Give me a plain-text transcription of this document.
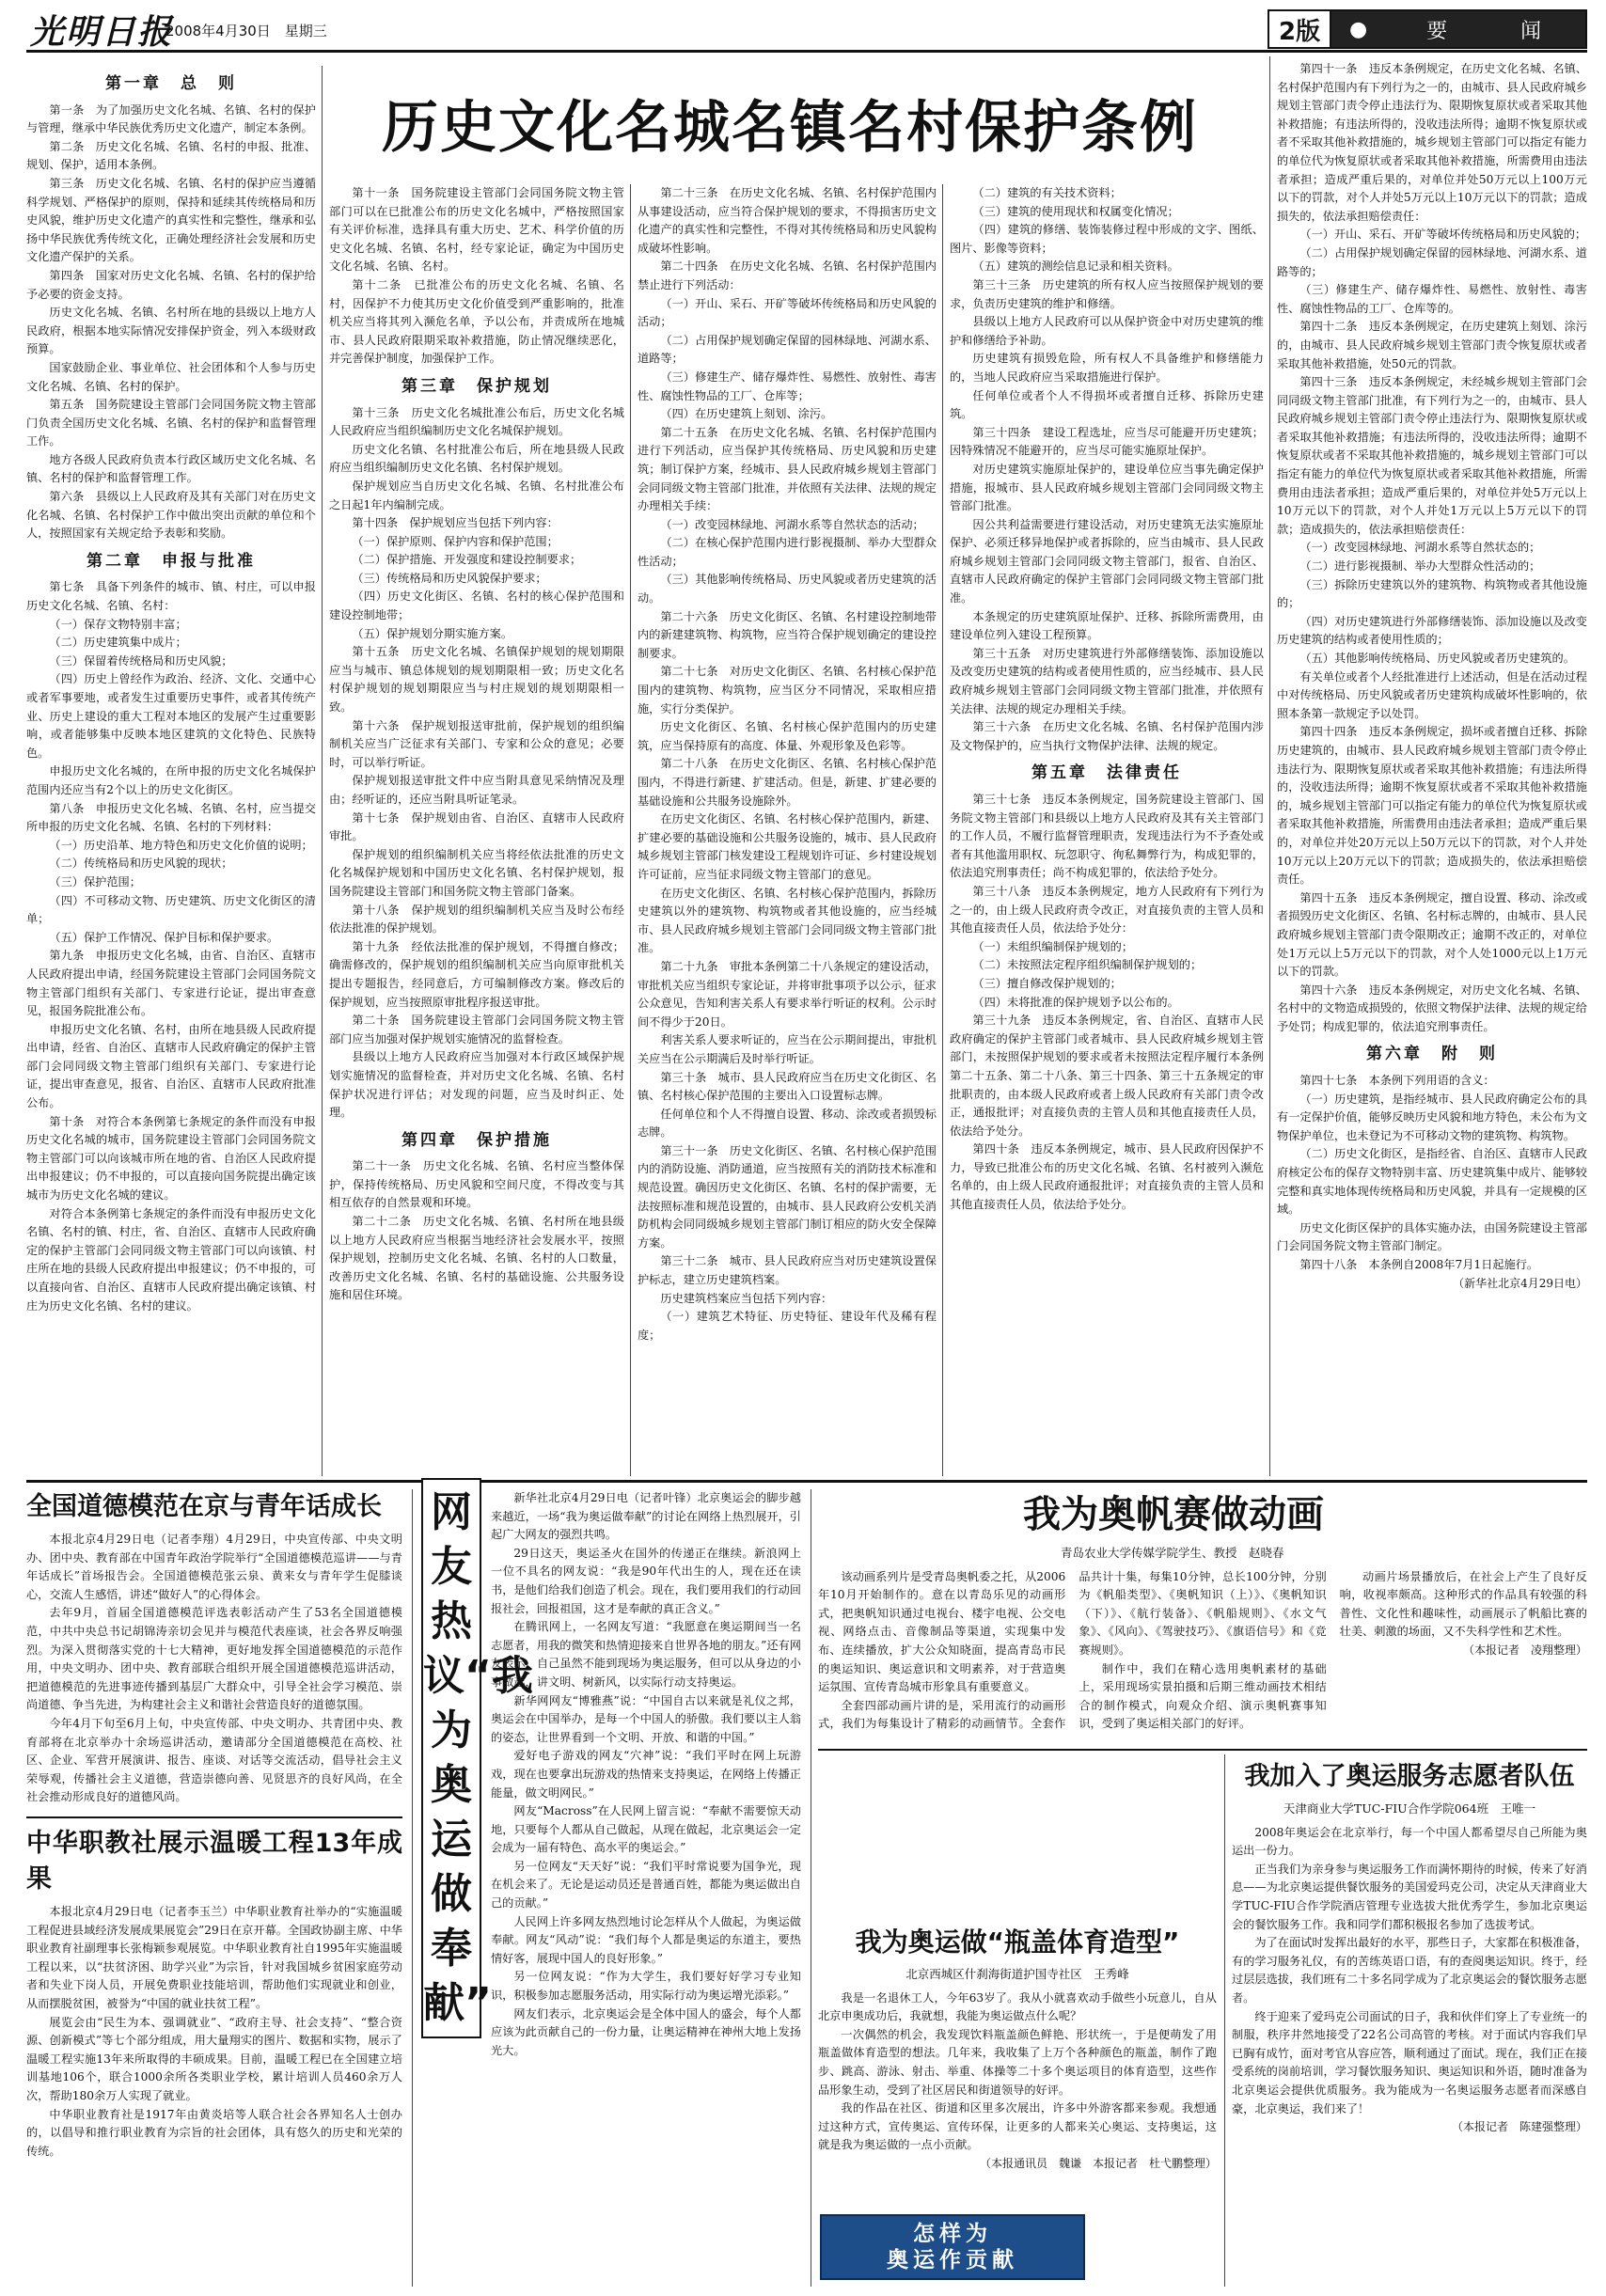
光明日报
2008年4月30日　星期三	2版	●
要　闻
历史文化名城名镇名村保护条例
第一章　总　则

第一条　为了加强历史文化名城、名镇、名村的保护与管理，继承中华民族优秀历史文化遗产，制定本条例。

第二条　历史文化名城、名镇、名村的申报、批准、规划、保护，适用本条例。

第三条　历史文化名城、名镇、名村的保护应当遵循科学规划、严格保护的原则，保持和延续其传统格局和历史风貌，维护历史文化遗产的真实性和完整性，继承和弘扬中华民族优秀传统文化，正确处理经济社会发展和历史文化遗产保护的关系。

第四条　国家对历史文化名城、名镇、名村的保护给予必要的资金支持。

历史文化名城、名镇、名村所在地的县级以上地方人民政府，根据本地实际情况安排保护资金，列入本级财政预算。

国家鼓励企业、事业单位、社会团体和个人参与历史文化名城、名镇、名村的保护。

第五条　国务院建设主管部门会同国务院文物主管部门负责全国历史文化名城、名镇、名村的保护和监督管理工作。

地方各级人民政府负责本行政区域历史文化名城、名镇、名村的保护和监督管理工作。

第六条　县级以上人民政府及其有关部门对在历史文化名城、名镇、名村保护工作中做出突出贡献的单位和个人，按照国家有关规定给予表彰和奖励。

第二章　申报与批准

第七条　具备下列条件的城市、镇、村庄，可以申报历史文化名城、名镇、名村：

（一）保存文物特别丰富；

（二）历史建筑集中成片；

（三）保留着传统格局和历史风貌；

（四）历史上曾经作为政治、经济、文化、交通中心或者军事要地，或者发生过重要历史事件，或者其传统产业、历史上建设的重大工程对本地区的发展产生过重要影响，或者能够集中反映本地区建筑的文化特色、民族特色。

申报历史文化名城的，在所申报的历史文化名城保护范围内还应当有2个以上的历史文化街区。

第八条　申报历史文化名城、名镇、名村，应当提交所申报的历史文化名城、名镇、名村的下列材料：

（一）历史沿革、地方特色和历史文化价值的说明；

（二）传统格局和历史风貌的现状；

（三）保护范围；

（四）不可移动文物、历史建筑、历史文化街区的清单；

（五）保护工作情况、保护目标和保护要求。

第九条　申报历史文化名城，由省、自治区、直辖市人民政府提出申请，经国务院建设主管部门会同国务院文物主管部门组织有关部门、专家进行论证，提出审查意见，报国务院批准公布。

申报历史文化名镇、名村，由所在地县级人民政府提出申请，经省、自治区、直辖市人民政府确定的保护主管部门会同同级文物主管部门组织有关部门、专家进行论证，提出审查意见，报省、自治区、直辖市人民政府批准公布。

第十条　对符合本条例第七条规定的条件而没有申报历史文化名城的城市，国务院建设主管部门会同国务院文物主管部门可以向该城市所在地的省、自治区人民政府提出申报建议；仍不申报的，可以直接向国务院提出确定该城市为历史文化名城的建议。

对符合本条例第七条规定的条件而没有申报历史文化名镇、名村的镇、村庄，省、自治区、直辖市人民政府确定的保护主管部门会同同级文物主管部门可以向该镇、村庄所在地的县级人民政府提出申报建议；仍不申报的，可以直接向省、自治区、直辖市人民政府提出确定该镇、村庄为历史文化名镇、名村的建议。

第十一条　国务院建设主管部门会同国务院文物主管部门可以在已批准公布的历史文化名城中，严格按照国家有关评价标准，选择具有重大历史、艺术、科学价值的历史文化名城、名镇、名村，经专家论证，确定为中国历史文化名城、名镇、名村。

第十二条　已批准公布的历史文化名城、名镇、名村，因保护不力使其历史文化价值受到严重影响的，批准机关应当将其列入濒危名单，予以公布，并责成所在地城市、县人民政府限期采取补救措施，防止情况继续恶化，并完善保护制度，加强保护工作。

第三章　保护规划

第十三条　历史文化名城批准公布后，历史文化名城人民政府应当组织编制历史文化名城保护规划。

历史文化名镇、名村批准公布后，所在地县级人民政府应当组织编制历史文化名镇、名村保护规划。

保护规划应当自历史文化名城、名镇、名村批准公布之日起1年内编制完成。

第十四条　保护规划应当包括下列内容：

（一）保护原则、保护内容和保护范围；

（二）保护措施、开发强度和建设控制要求；

（三）传统格局和历史风貌保护要求；

（四）历史文化街区、名镇、名村的核心保护范围和建设控制地带；

（五）保护规划分期实施方案。

第十五条　历史文化名城、名镇保护规划的规划期限应当与城市、镇总体规划的规划期限相一致；历史文化名村保护规划的规划期限应当与村庄规划的规划期限相一致。

第十六条　保护规划报送审批前，保护规划的组织编制机关应当广泛征求有关部门、专家和公众的意见；必要时，可以举行听证。

保护规划报送审批文件中应当附具意见采纳情况及理由；经听证的，还应当附具听证笔录。

第十七条　保护规划由省、自治区、直辖市人民政府审批。

保护规划的组织编制机关应当将经依法批准的历史文化名城保护规划和中国历史文化名镇、名村保护规划，报国务院建设主管部门和国务院文物主管部门备案。

第十八条　保护规划的组织编制机关应当及时公布经依法批准的保护规划。

第十九条　经依法批准的保护规划，不得擅自修改；确需修改的，保护规划的组织编制机关应当向原审批机关提出专题报告，经同意后，方可编制修改方案。修改后的保护规划，应当按照原审批程序报送审批。

第二十条　国务院建设主管部门会同国务院文物主管部门应当加强对保护规划实施情况的监督检查。

县级以上地方人民政府应当加强对本行政区域保护规划实施情况的监督检查，并对历史文化名城、名镇、名村保护状况进行评估；对发现的问题，应当及时纠正、处理。

第四章　保护措施

第二十一条　历史文化名城、名镇、名村应当整体保护，保持传统格局、历史风貌和空间尺度，不得改变与其相互依存的自然景观和环境。

第二十二条　历史文化名城、名镇、名村所在地县级以上地方人民政府应当根据当地经济社会发展水平，按照保护规划，控制历史文化名城、名镇、名村的人口数量，改善历史文化名城、名镇、名村的基础设施、公共服务设施和居住环境。

第二十三条　在历史文化名城、名镇、名村保护范围内从事建设活动，应当符合保护规划的要求，不得损害历史文化遗产的真实性和完整性，不得对其传统格局和历史风貌构成破坏性影响。

第二十四条　在历史文化名城、名镇、名村保护范围内禁止进行下列活动：

（一）开山、采石、开矿等破坏传统格局和历史风貌的活动；

（二）占用保护规划确定保留的园林绿地、河湖水系、道路等；

（三）修建生产、储存爆炸性、易燃性、放射性、毒害性、腐蚀性物品的工厂、仓库等；

（四）在历史建筑上刻划、涂污。

第二十五条　在历史文化名城、名镇、名村保护范围内进行下列活动，应当保护其传统格局、历史风貌和历史建筑；制订保护方案，经城市、县人民政府城乡规划主管部门会同同级文物主管部门批准，并依照有关法律、法规的规定办理相关手续：

（一）改变园林绿地、河湖水系等自然状态的活动；

（二）在核心保护范围内进行影视摄制、举办大型群众性活动；

（三）其他影响传统格局、历史风貌或者历史建筑的活动。

第二十六条　历史文化街区、名镇、名村建设控制地带内的新建建筑物、构筑物，应当符合保护规划确定的建设控制要求。

第二十七条　对历史文化街区、名镇、名村核心保护范围内的建筑物、构筑物，应当区分不同情况，采取相应措施，实行分类保护。

历史文化街区、名镇、名村核心保护范围内的历史建筑，应当保持原有的高度、体量、外观形象及色彩等。

第二十八条　在历史文化街区、名镇、名村核心保护范围内，不得进行新建、扩建活动。但是，新建、扩建必要的基础设施和公共服务设施除外。

在历史文化街区、名镇、名村核心保护范围内，新建、扩建必要的基础设施和公共服务设施的，城市、县人民政府城乡规划主管部门核发建设工程规划许可证、乡村建设规划许可证前，应当征求同级文物主管部门的意见。

在历史文化街区、名镇、名村核心保护范围内，拆除历史建筑以外的建筑物、构筑物或者其他设施的，应当经城市、县人民政府城乡规划主管部门会同同级文物主管部门批准。

第二十九条　审批本条例第二十八条规定的建设活动，审批机关应当组织专家论证，并将审批事项予以公示，征求公众意见，告知利害关系人有要求举行听证的权利。公示时间不得少于20日。

利害关系人要求听证的，应当在公示期间提出，审批机关应当在公示期满后及时举行听证。

第三十条　城市、县人民政府应当在历史文化街区、名镇、名村核心保护范围的主要出入口设置标志牌。

任何单位和个人不得擅自设置、移动、涂改或者损毁标志牌。

第三十一条　历史文化街区、名镇、名村核心保护范围内的消防设施、消防通道，应当按照有关的消防技术标准和规范设置。确因历史文化街区、名镇、名村的保护需要，无法按照标准和规范设置的，由城市、县人民政府公安机关消防机构会同同级城乡规划主管部门制订相应的防火安全保障方案。

第三十二条　城市、县人民政府应当对历史建筑设置保护标志，建立历史建筑档案。

历史建筑档案应当包括下列内容：

（一）建筑艺术特征、历史特征、建设年代及稀有程度；

（二）建筑的有关技术资料；

（三）建筑的使用现状和权属变化情况；

（四）建筑的修缮、装饰装修过程中形成的文字、图纸、图片、影像等资料；

（五）建筑的测绘信息记录和相关资料。

第三十三条　历史建筑的所有权人应当按照保护规划的要求，负责历史建筑的维护和修缮。

县级以上地方人民政府可以从保护资金中对历史建筑的维护和修缮给予补助。

历史建筑有损毁危险，所有权人不具备维护和修缮能力的，当地人民政府应当采取措施进行保护。

任何单位或者个人不得损坏或者擅自迁移、拆除历史建筑。

第三十四条　建设工程选址，应当尽可能避开历史建筑；因特殊情况不能避开的，应当尽可能实施原址保护。

对历史建筑实施原址保护的，建设单位应当事先确定保护措施，报城市、县人民政府城乡规划主管部门会同同级文物主管部门批准。

因公共利益需要进行建设活动，对历史建筑无法实施原址保护、必须迁移异地保护或者拆除的，应当由城市、县人民政府城乡规划主管部门会同同级文物主管部门，报省、自治区、直辖市人民政府确定的保护主管部门会同同级文物主管部门批准。

本条规定的历史建筑原址保护、迁移、拆除所需费用，由建设单位列入建设工程预算。

第三十五条　对历史建筑进行外部修缮装饰、添加设施以及改变历史建筑的结构或者使用性质的，应当经城市、县人民政府城乡规划主管部门会同同级文物主管部门批准，并依照有关法律、法规的规定办理相关手续。

第三十六条　在历史文化名城、名镇、名村保护范围内涉及文物保护的，应当执行文物保护法律、法规的规定。

第五章　法律责任

第三十七条　违反本条例规定，国务院建设主管部门、国务院文物主管部门和县级以上地方人民政府及其有关主管部门的工作人员，不履行监督管理职责，发现违法行为不予查处或者有其他滥用职权、玩忽职守、徇私舞弊行为，构成犯罪的，依法追究刑事责任；尚不构成犯罪的，依法给予处分。

第三十八条　违反本条例规定，地方人民政府有下列行为之一的，由上级人民政府责令改正，对直接负责的主管人员和其他直接责任人员，依法给予处分：

（一）未组织编制保护规划的；

（二）未按照法定程序组织编制保护规划的；

（三）擅自修改保护规划的；

（四）未将批准的保护规划予以公布的。

第三十九条　违反本条例规定，省、自治区、直辖市人民政府确定的保护主管部门或者城市、县人民政府城乡规划主管部门，未按照保护规划的要求或者未按照法定程序履行本条例第二十五条、第二十八条、第三十四条、第三十五条规定的审批职责的，由本级人民政府或者上级人民政府有关部门责令改正，通报批评；对直接负责的主管人员和其他直接责任人员，依法给予处分。

第四十条　违反本条例规定，城市、县人民政府因保护不力，导致已批准公布的历史文化名城、名镇、名村被列入濒危名单的，由上级人民政府通报批评；对直接负责的主管人员和其他直接责任人员，依法给予处分。

第四十一条　违反本条例规定，在历史文化名城、名镇、名村保护范围内有下列行为之一的，由城市、县人民政府城乡规划主管部门责令停止违法行为、限期恢复原状或者采取其他补救措施；有违法所得的，没收违法所得；逾期不恢复原状或者不采取其他补救措施的，城乡规划主管部门可以指定有能力的单位代为恢复原状或者采取其他补救措施，所需费用由违法者承担；造成严重后果的，对单位并处50万元以上100万元以下的罚款，对个人并处5万元以上10万元以下的罚款；造成损失的，依法承担赔偿责任：

（一）开山、采石、开矿等破坏传统格局和历史风貌的；

（二）占用保护规划确定保留的园林绿地、河湖水系、道路等的；

（三）修建生产、储存爆炸性、易燃性、放射性、毒害性、腐蚀性物品的工厂、仓库等的。

第四十二条　违反本条例规定，在历史建筑上刻划、涂污的，由城市、县人民政府城乡规划主管部门责令恢复原状或者采取其他补救措施，处50元的罚款。

第四十三条　违反本条例规定，未经城乡规划主管部门会同同级文物主管部门批准，有下列行为之一的，由城市、县人民政府城乡规划主管部门责令停止违法行为、限期恢复原状或者采取其他补救措施；有违法所得的，没收违法所得；逾期不恢复原状或者不采取其他补救措施的，城乡规划主管部门可以指定有能力的单位代为恢复原状或者采取其他补救措施，所需费用由违法者承担；造成严重后果的，对单位并处5万元以上10万元以下的罚款，对个人并处1万元以上5万元以下的罚款；造成损失的，依法承担赔偿责任：

（一）改变园林绿地、河湖水系等自然状态的；

（二）进行影视摄制、举办大型群众性活动的；

（三）拆除历史建筑以外的建筑物、构筑物或者其他设施的；

（四）对历史建筑进行外部修缮装饰、添加设施以及改变历史建筑的结构或者使用性质的；

（五）其他影响传统格局、历史风貌或者历史建筑的。

有关单位或者个人经批准进行上述活动，但是在活动过程中对传统格局、历史风貌或者历史建筑构成破坏性影响的，依照本条第一款规定予以处罚。

第四十四条　违反本条例规定，损坏或者擅自迁移、拆除历史建筑的，由城市、县人民政府城乡规划主管部门责令停止违法行为、限期恢复原状或者采取其他补救措施；有违法所得的，没收违法所得；逾期不恢复原状或者不采取其他补救措施的，城乡规划主管部门可以指定有能力的单位代为恢复原状或者采取其他补救措施，所需费用由违法者承担；造成严重后果的，对单位并处20万元以上50万元以下的罚款，对个人并处10万元以上20万元以下的罚款；造成损失的，依法承担赔偿责任。

第四十五条　违反本条例规定，擅自设置、移动、涂改或者损毁历史文化街区、名镇、名村标志牌的，由城市、县人民政府城乡规划主管部门责令限期改正；逾期不改正的，对单位处1万元以上5万元以下的罚款，对个人处1000元以上1万元以下的罚款。

第四十六条　违反本条例规定，对历史文化名城、名镇、名村中的文物造成损毁的，依照文物保护法律、法规的规定给予处罚；构成犯罪的，依法追究刑事责任。

第六章　附　则

第四十七条　本条例下列用语的含义：

（一）历史建筑，是指经城市、县人民政府确定公布的具有一定保护价值，能够反映历史风貌和地方特色，未公布为文物保护单位，也未登记为不可移动文物的建筑物、构筑物。

（二）历史文化街区，是指经省、自治区、直辖市人民政府核定公布的保存文物特别丰富、历史建筑集中成片、能够较完整和真实地体现传统格局和历史风貌，并具有一定规模的区域。

历史文化街区保护的具体实施办法，由国务院建设主管部门会同国务院文物主管部门制定。

第四十八条　本条例自2008年7月1日起施行。

（新华社北京4月29日电）
全国道德模范在京与青年话成长

本报北京4月29日电（记者李翔）4月29日，中央宣传部、中央文明办、团中央、教育部在中国青年政治学院举行“全国道德模范巡讲——与青年话成长”首场报告会。全国道德模范张云泉、黄来女与青年学生促膝谈心，交流人生感悟，讲述“做好人”的心得体会。

去年9月，首届全国道德模范评选表彰活动产生了53名全国道德模范，中共中央总书记胡锦涛亲切会见并与模范代表座谈，社会各界反响强烈。为深入贯彻落实党的十七大精神，更好地发挥全国道德模范的示范作用，中央文明办、团中央、教育部联合组织开展全国道德模范巡讲活动，把道德模范的先进事迹传播到基层广大群众中，引导全社会学习模范、崇尚道德、争当先进，为构建社会主义和谐社会营造良好的道德氛围。

今年4月下旬至6月上旬，中央宣传部、中央文明办、共青团中央、教育部将在北京举办十余场巡讲活动，邀请部分全国道德模范在高校、社区、企业、军营开展演讲、报告、座谈、对话等交流活动，倡导社会主义荣辱观，传播社会主义道德，营造崇德向善、见贤思齐的良好风尚，在全社会推动形成良好的道德风尚。

中华职教社展示温暖工程13年成果

本报北京4月29日电（记者李玉兰）中华职业教育社举办的“实施温暖工程促进县域经济发展成果展览会”29日在京开幕。全国政协副主席、中华职业教育社副理事长张梅颖参观展览。中华职业教育社自1995年实施温暖工程以来，以“扶贫济困、助学兴业”为宗旨，针对我国城乡贫困家庭劳动者和失业下岗人员，开展免费职业技能培训，帮助他们实现就业和创业，从而摆脱贫困，被誉为“中国的就业扶贫工程”。

展览会由“民生为本、强调就业”、“政府主导、社会支持”、“整合资源、创新模式”等七个部分组成，用大量翔实的图片、数据和实物，展示了温暖工程实施13年来所取得的丰硕成果。目前，温暖工程已在全国建立培训基地106个，联合1000余所各类职业学校，累计培训人员460余万人次，帮助180余万人实现了就业。

中华职业教育社是1917年由黄炎培等人联合社会各界知名人士创办的，以倡导和推行职业教育为宗旨的社会团体，具有悠久的历史和光荣的传统。

网友热议“我为奥运做奉献”

新华社北京4月29日电（记者叶锋）北京奥运会的脚步越来越近，一场“我为奥运做奉献”的讨论在网络上热烈展开，引起广大网友的强烈共鸣。

29日这天，奥运圣火在国外的传递正在继续。新浪网上一位不具名的网友说：“我是90年代出生的人，现在还在读书，是他们给我们创造了机会。现在，我们要用我们的行动回报社会，回报祖国，这才是奉献的真正含义。”

在腾讯网上，一名网友写道：“我愿意在奥运期间当一名志愿者，用我的微笑和热情迎接来自世界各地的朋友。”还有网友表示，自己虽然不能到现场为奥运服务，但可以从身边的小事做起，讲文明、树新风，以实际行动支持奥运。

新华网网友“博雅燕”说：“中国自古以来就是礼仪之邦，奥运会在中国举办，是每一个中国人的骄傲。我们要以主人翁的姿态，让世界看到一个文明、开放、和谐的中国。”

爱好电子游戏的网友“穴神”说：“我们平时在网上玩游戏，现在也要拿出玩游戏的热情来支持奥运，在网络上传播正能量，做文明网民。”

网友“Macross”在人民网上留言说：“奉献不需要惊天动地，只要每个人都从自己做起，从现在做起，北京奥运会一定会成为一届有特色、高水平的奥运会。”

另一位网友“天天好”说：“我们平时常说要为国争光，现在机会来了。无论是运动员还是普通百姓，都能为奥运做出自己的贡献。”

人民网上许多网友热烈地讨论怎样从个人做起，为奥运做奉献。网友“风动”说：“我们每个人都是奥运的东道主，要热情好客，展现中国人的良好形象。”

另一位网友说：“作为大学生，我们要好好学习专业知识，积极参加志愿服务活动，用实际行动为奥运增光添彩。”

网友们表示，北京奥运会是全体中国人的盛会，每个人都应该为此贡献自己的一份力量，让奥运精神在神州大地上发扬光大。

我为奥帆赛做动画
青岛农业大学传媒学院学生、教授　赵晓春

该动画系列片是受青岛奥帆委之托，从2006年10月开始制作的。意在以青岛乐见的动画形式，把奥帆知识通过电视台、楼宇电视、公交电视、网络点击、音像制品等渠道，实现集中发布、连续播放，扩大公众知晓面，提高青岛市民的奥运知识、奥运意识和文明素养，对于营造奥运氛围、宣传青岛城市形象具有重要意义。

全套四部动画片讲的是，采用流行的动画形式，我们为每集设计了精彩的动画情节。全套作品共计十集，每集10分钟，总长100分钟，分别为《帆船类型》、《奥帆知识（上）》、《奥帆知识（下）》、《航行装备》、《帆船规则》、《水文气象》、《风向》、《驾驶技巧》、《旗语信号》和《竞赛规则》。

制作中，我们在精心选用奥帆素材的基础上，采用现场实景拍摄和后期三维动画技术相结合的制作模式，向观众介绍、演示奥帆赛事知识，受到了奥运相关部门的好评。

动画片场景播放后，在社会上产生了良好反响，收视率颇高。这种形式的作品具有较强的科普性、文化性和趣味性，动画展示了帆船比赛的壮美、刺激的场面，又不失科学性和艺术性。

（本报记者　凌翔整理）
我为奥运做“瓶盖体育造型”
北京西城区什刹海街道护国寺社区　王秀峰

我是一名退休工人，今年63岁了。我从小就喜欢动手做些小玩意儿，自从北京申奥成功后，我就想，我能为奥运做点什么呢？

一次偶然的机会，我发现饮料瓶盖颜色鲜艳、形状统一，于是便萌发了用瓶盖做体育造型的想法。几年来，我收集了上万个各种颜色的瓶盖，制作了跑步、跳高、游泳、射击、举重、体操等二十多个奥运项目的体育造型，这些作品形象生动，受到了社区居民和街道领导的好评。

我的作品在社区、街道和区里多次展出，许多中外游客都来参观。我想通过这种方式，宣传奥运、宣传环保，让更多的人都来关心奥运、支持奥运，这就是我为奥运做的一点小贡献。

（本报通讯员　魏谦　本报记者　杜弋鹏整理）
怎样为
奥运作贡献
我加入了奥运服务志愿者队伍
天津商业大学TUC-FIU合作学院064班　王唯一

2008年奥运会在北京举行，每一个中国人都希望尽自己所能为奥运出一份力。

正当我们为亲身参与奥运服务工作而满怀期待的时候，传来了好消息——为北京奥运提供餐饮服务的美国爱玛克公司，决定从天津商业大学TUC-FIU合作学院酒店管理专业选拔大批优秀学生，参加北京奥运会的餐饮服务工作。我和同学们都积极报名参加了选拔考试。

为了在面试时发挥出最好的水平，那些日子，大家都在积极准备，有的学习服务礼仪，有的苦练英语口语，有的查阅奥运知识。终于，经过层层选拔，我们班有二十多名同学成为了北京奥运会的餐饮服务志愿者。

终于迎来了爱玛克公司面试的日子，我和伙伴们穿上了专业统一的制服，秩序井然地接受了22名公司高管的考核。对于面试内容我们早已胸有成竹，面对考官从容应答，顺利通过了面试。现在，我们正在接受系统的岗前培训，学习餐饮服务知识、奥运知识和外语，随时准备为北京奥运会提供优质服务。我为能成为一名奥运服务志愿者而深感自豪，北京奥运，我们来了！

（本报记者　陈建强整理）
